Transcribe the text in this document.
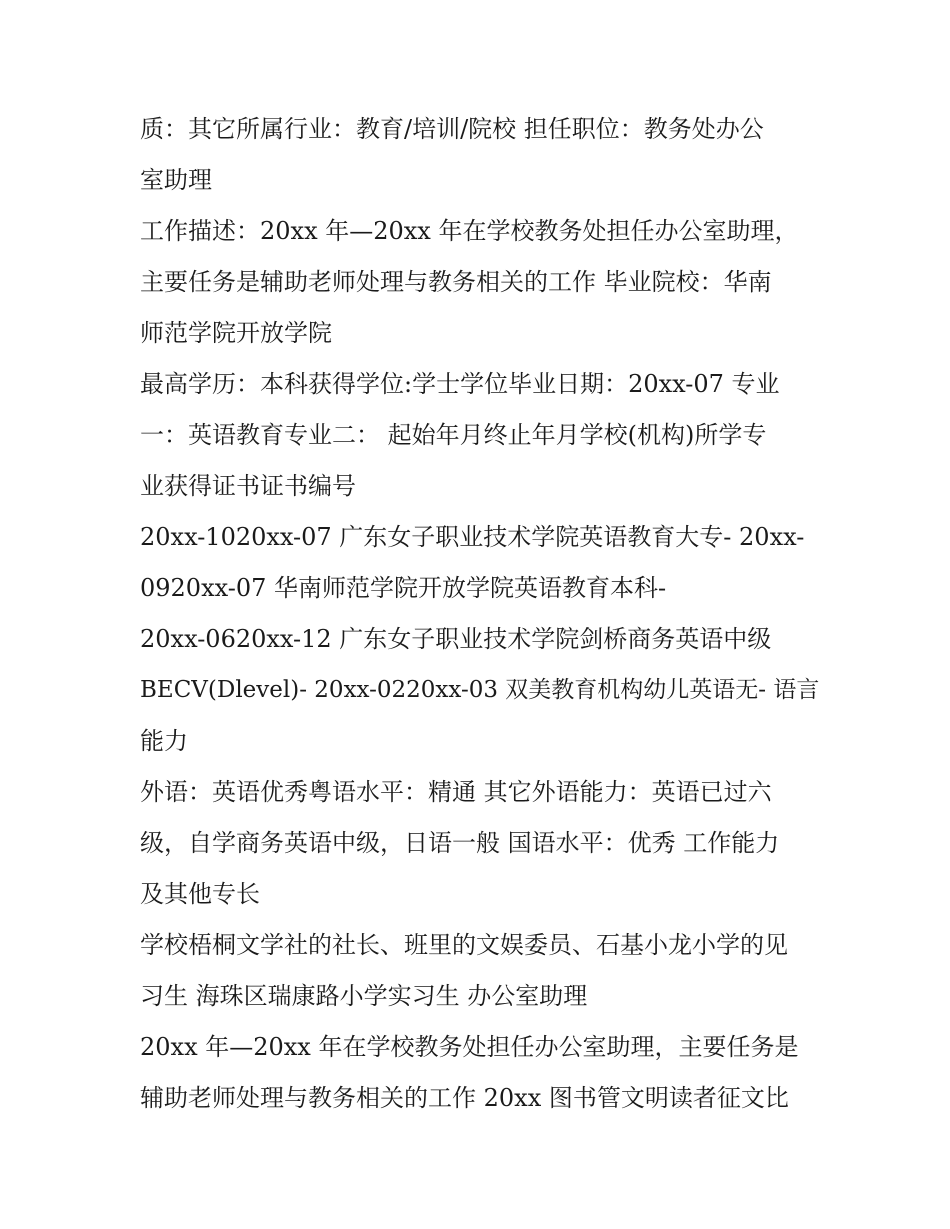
质：其它所属行业：教育/培训/院校 担任职位：教务处办公
室助理
工作描述：20xx 年—20xx 年在学校教务处担任办公室助理，
主要任务是辅助老师处理与教务相关的工作 毕业院校：华南
师范学院开放学院
最高学历：本科获得学位:学士学位毕业日期：20xx-07 专业
一：英语教育专业二： 起始年月终止年月学校(机构)所学专
业获得证书证书编号
20xx-1020xx-07 广东女子职业技术学院英语教育大专- 20xx-
0920xx-07 华南师范学院开放学院英语教育本科-
20xx-0620xx-12 广东女子职业技术学院剑桥商务英语中级
BECV(Dlevel)- 20xx-0220xx-03 双美教育机构幼儿英语无- 语言
能力
外语：英语优秀粤语水平：精通 其它外语能力：英语已过六
级，自学商务英语中级，日语一般 国语水平：优秀 工作能力
及其他专长
学校梧桐文学社的社长、班里的文娱委员、石基小龙小学的见
习生 海珠区瑞康路小学实习生 办公室助理
20xx 年—20xx 年在学校教务处担任办公室助理，主要任务是
辅助老师处理与教务相关的工作 20xx 图书管文明读者征文比
